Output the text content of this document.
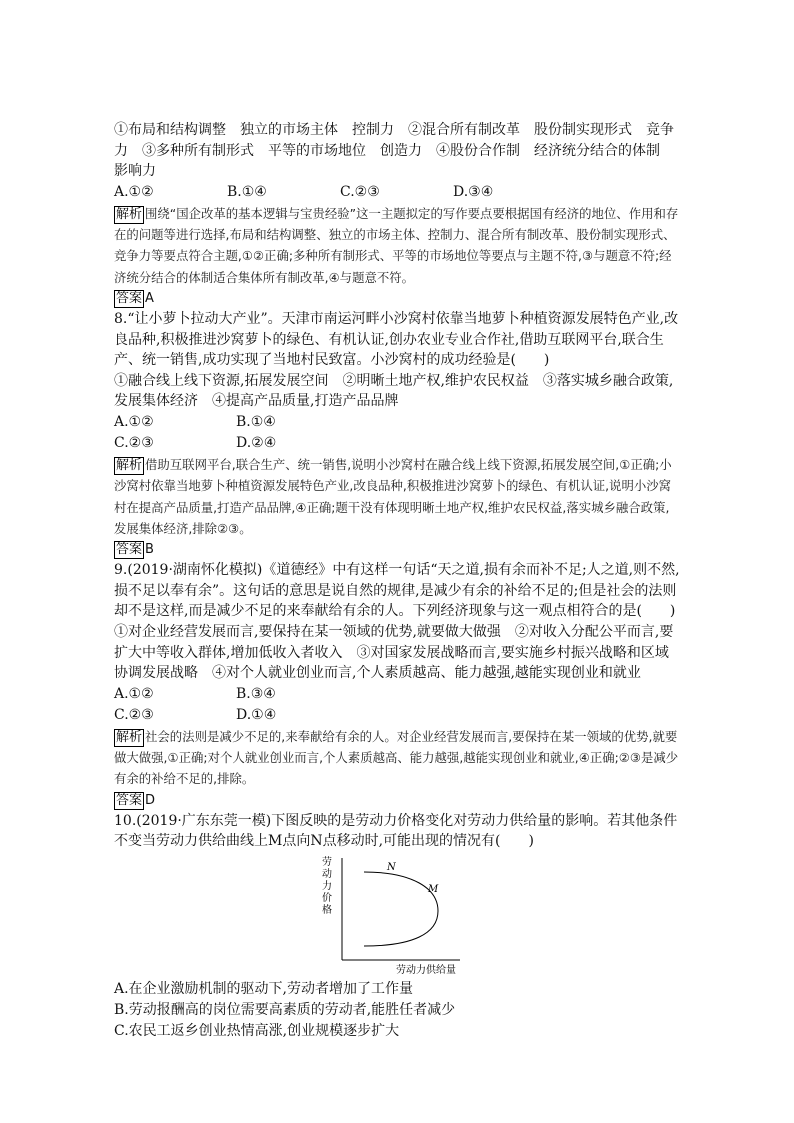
①布局和结构调整　独立的市场主体　控制力　②混合所有制改革　股份制实现形式　竞争力　③多种所有制形式　平等的市场地位　创造力　④股份合作制　经济统分结合的体制　影响力

A.①②	B.①④	C.②③	D.③④

解析 围绕“国企改革的基本逻辑与宝贵经验”这一主题拟定的写作要点要根据国有经济的地位、作用和存在的问题等进行选择,布局和结构调整、独立的市场主体、控制力、混合所有制改革、股份制实现形式、竞争力等要点符合主题,①②正确;多种所有制形式、平等的市场地位等要点与主题不符,③与题意不符;经济统分结合的体制适合集体所有制改革,④与题意不符。

答案 A

8.“让小萝卜拉动大产业”。天津市南运河畔小沙窝村依靠当地萝卜种植资源发展特色产业,改良品种,积极推进沙窝萝卜的绿色、有机认证,创办农业专业合作社,借助互联网平台,联合生产、统一销售,成功实现了当地村民致富。小沙窝村的成功经验是(　　)

①融合线上线下资源,拓展发展空间　②明晰土地产权,维护农民权益　③落实城乡融合政策,发展集体经济　④提高产品质量,打造产品品牌

A.①②	B.①④
C.②③	D.②④

解析 借助互联网平台,联合生产、统一销售,说明小沙窝村在融合线上线下资源,拓展发展空间,①正确;小沙窝村依靠当地萝卜种植资源发展特色产业,改良品种,积极推进沙窝萝卜的绿色、有机认证,说明小沙窝村在提高产品质量,打造产品品牌,④正确;题干没有体现明晰土地产权,维护农民权益,落实城乡融合政策,发展集体经济,排除②③。

答案 B

9.(2019·湖南怀化模拟)《道德经》中有这样一句话“天之道,损有余而补不足;人之道,则不然,损不足以奉有余”。这句话的意思是说自然的规律,是减少有余的补给不足的;但是社会的法则却不是这样,而是减少不足的来奉献给有余的人。下列经济现象与这一观点相符合的是(　　)

①对企业经营发展而言,要保持在某一领域的优势,就要做大做强　②对收入分配公平而言,要扩大中等收入群体,增加低收入者收入　③对国家发展战略而言,要实施乡村振兴战略和区域协调发展战略　④对个人就业创业而言,个人素质越高、能力越强,越能实现创业和就业

A.①②	B.③④
C.②③	D.①④

解析 社会的法则是减少不足的,来奉献给有余的人。对企业经营发展而言,要保持在某一领域的优势,就要做大做强,①正确;对个人就业创业而言,个人素质越高、能力越强,越能实现创业和就业,④正确;②③是减少有余的补给不足的,排除。

答案 D

10.(2019·广东东莞一模)下图反映的是劳动力价格变化对劳动力供给量的影响。若其他条件不变当劳动力供给曲线上M点向N点移动时,可能出现的情况有(　　)

劳
动
力
价
格
N
M
劳动力供给量

A.在企业激励机制的驱动下,劳动者增加了工作量

B.劳动报酬高的岗位需要高素质的劳动者,能胜任者减少

C.农民工返乡创业热情高涨,创业规模逐步扩大
